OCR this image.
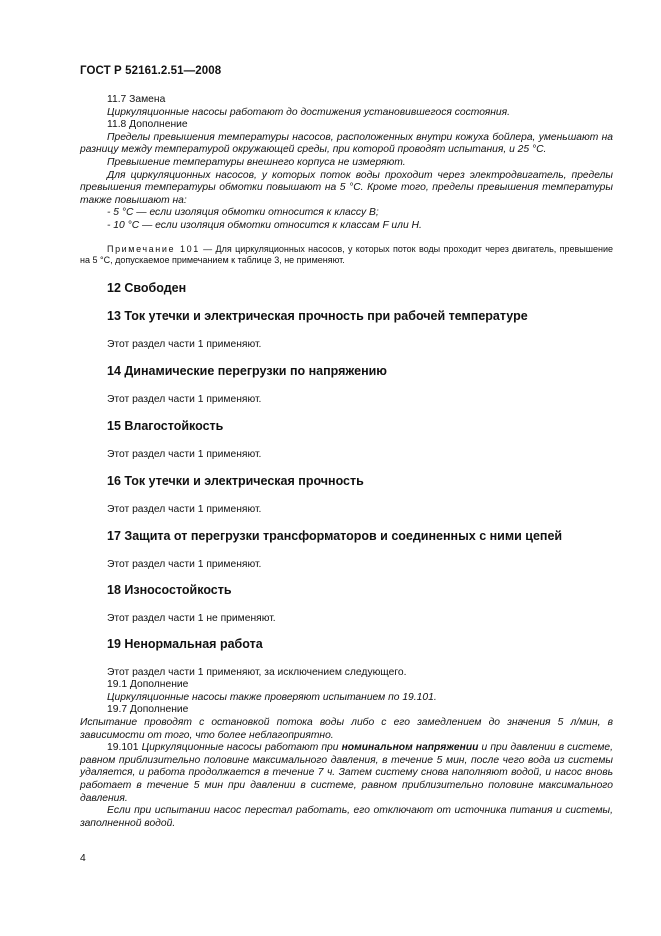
ГОСТ Р 52161.2.51—2008

11.7 Замена

Циркуляционные насосы работают до достижения установившегося состояния.

11.8 Дополнение

Пределы превышения температуры насосов, расположенных внутри кожуха бойлера, уменьшают на разницу между температурой окружающей среды, при которой проводят испытания, и 25 °С.

Превышение температуры внешнего корпуса не измеряют.

Для циркуляционных насосов, у которых поток воды проходит через электродвигатель, пределы превышения температуры обмотки повышают на 5 °С. Кроме того, пределы превышения температуры также повышают на:

- 5 °С — если изоляция обмотки относится к классу В;

- 10 °С — если изоляция обмотки относится к классам F или Н.

Примечание 101 — Для циркуляционных насосов, у которых поток воды проходит через двигатель, превышение на 5 °С, допускаемое примечанием к таблице 3, не применяют.

12 Свободен
13 Ток утечки и электрическая прочность при рабочей температуре

Этот раздел части 1 применяют.

14 Динамические перегрузки по напряжению

Этот раздел части 1 применяют.

15 Влагостойкость

Этот раздел части 1 применяют.

16 Ток утечки и электрическая прочность

Этот раздел части 1 применяют.

17 Защита от перегрузки трансформаторов и соединенных с ними цепей

Этот раздел части 1 применяют.

18 Износостойкость

Этот раздел части 1 не применяют.

19 Ненормальная работа

Этот раздел части 1 применяют, за исключением следующего.

19.1 Дополнение

Циркуляционные насосы также проверяют испытанием по 19.101.

19.7 Дополнение

Испытание проводят с остановкой потока воды либо с его замедлением до значения 5 л/мин, в зависимости от того, что более неблагоприятно.

19.101 Циркуляционные насосы работают при номинальном напряжении и при давлении в системе, равном приблизительно половине максимального давления, в течение 5 мин, после чего вода из системы удаляется, и работа продолжается в течение 7 ч. Затем систему снова наполняют водой, и насос вновь работает в течение 5 мин при давлении в системе, равном приблизительно половине максимального давления.

Если при испытании насос перестал работать, его отключают от источника питания и системы, заполненной водой.

4
